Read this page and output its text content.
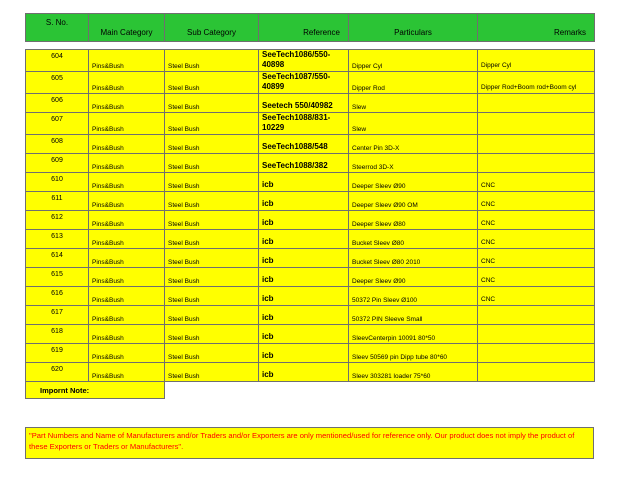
S. No.	Main Category	Sub Category	Reference	Particulars	Remarks

604	Pins&Bush	Steel Bush	SeeTech1086/550-40898	Dipper Cyl	Dipper Cyl
605	Pins&Bush	Steel Bush	SeeTech1087/550-40899	Dipper Rod	Dipper Rod+Boom rod+Boom cyl
606	Pins&Bush	Steel Bush	Seetech 550/40982	Slew	
607	Pins&Bush	Steel Bush	SeeTech1088/831-10229	Slew	
608	Pins&Bush	Steel Bush	SeeTech1088/548	Center Pin 3D-X	
609	Pins&Bush	Steel Bush	SeeTech1088/382	Steerrod 3D-X	
610	Pins&Bush	Steel Bush	icb	Deeper Sleev Ø90	CNC
611	Pins&Bush	Steel Bush	icb	Deeper Sleev Ø90 OM	CNC
612	Pins&Bush	Steel Bush	icb	Deeper Sleev Ø80	CNC
613	Pins&Bush	Steel Bush	icb	Bucket Sleev Ø80	CNC
614	Pins&Bush	Steel Bush	icb	Bucket Sleev Ø80 2010	CNC
615	Pins&Bush	Steel Bush	icb	Deeper Sleev Ø90	CNC
616	Pins&Bush	Steel Bush	icb	50372 Pin Sleev Ø100	CNC
617	Pins&Bush	Steel Bush	icb	50372 PIN Sleeve Small	
618	Pins&Bush	Steel Bush	icb	SleevCenterpin 10091 80*50	
619	Pins&Bush	Steel Bush	icb	Sleev 50569 pin Dipp tube 80*60	
620	Pins&Bush	Steel Bush	icb	Sleev 303281 loader 75*60	
Impornt Note:					
"Part Numbers and Name of Manufacturers and/or Traders and/or Exporters are only mentioned/used for reference only. Our product does not imply the product of these Exporters or Traders or Manufacturers".
